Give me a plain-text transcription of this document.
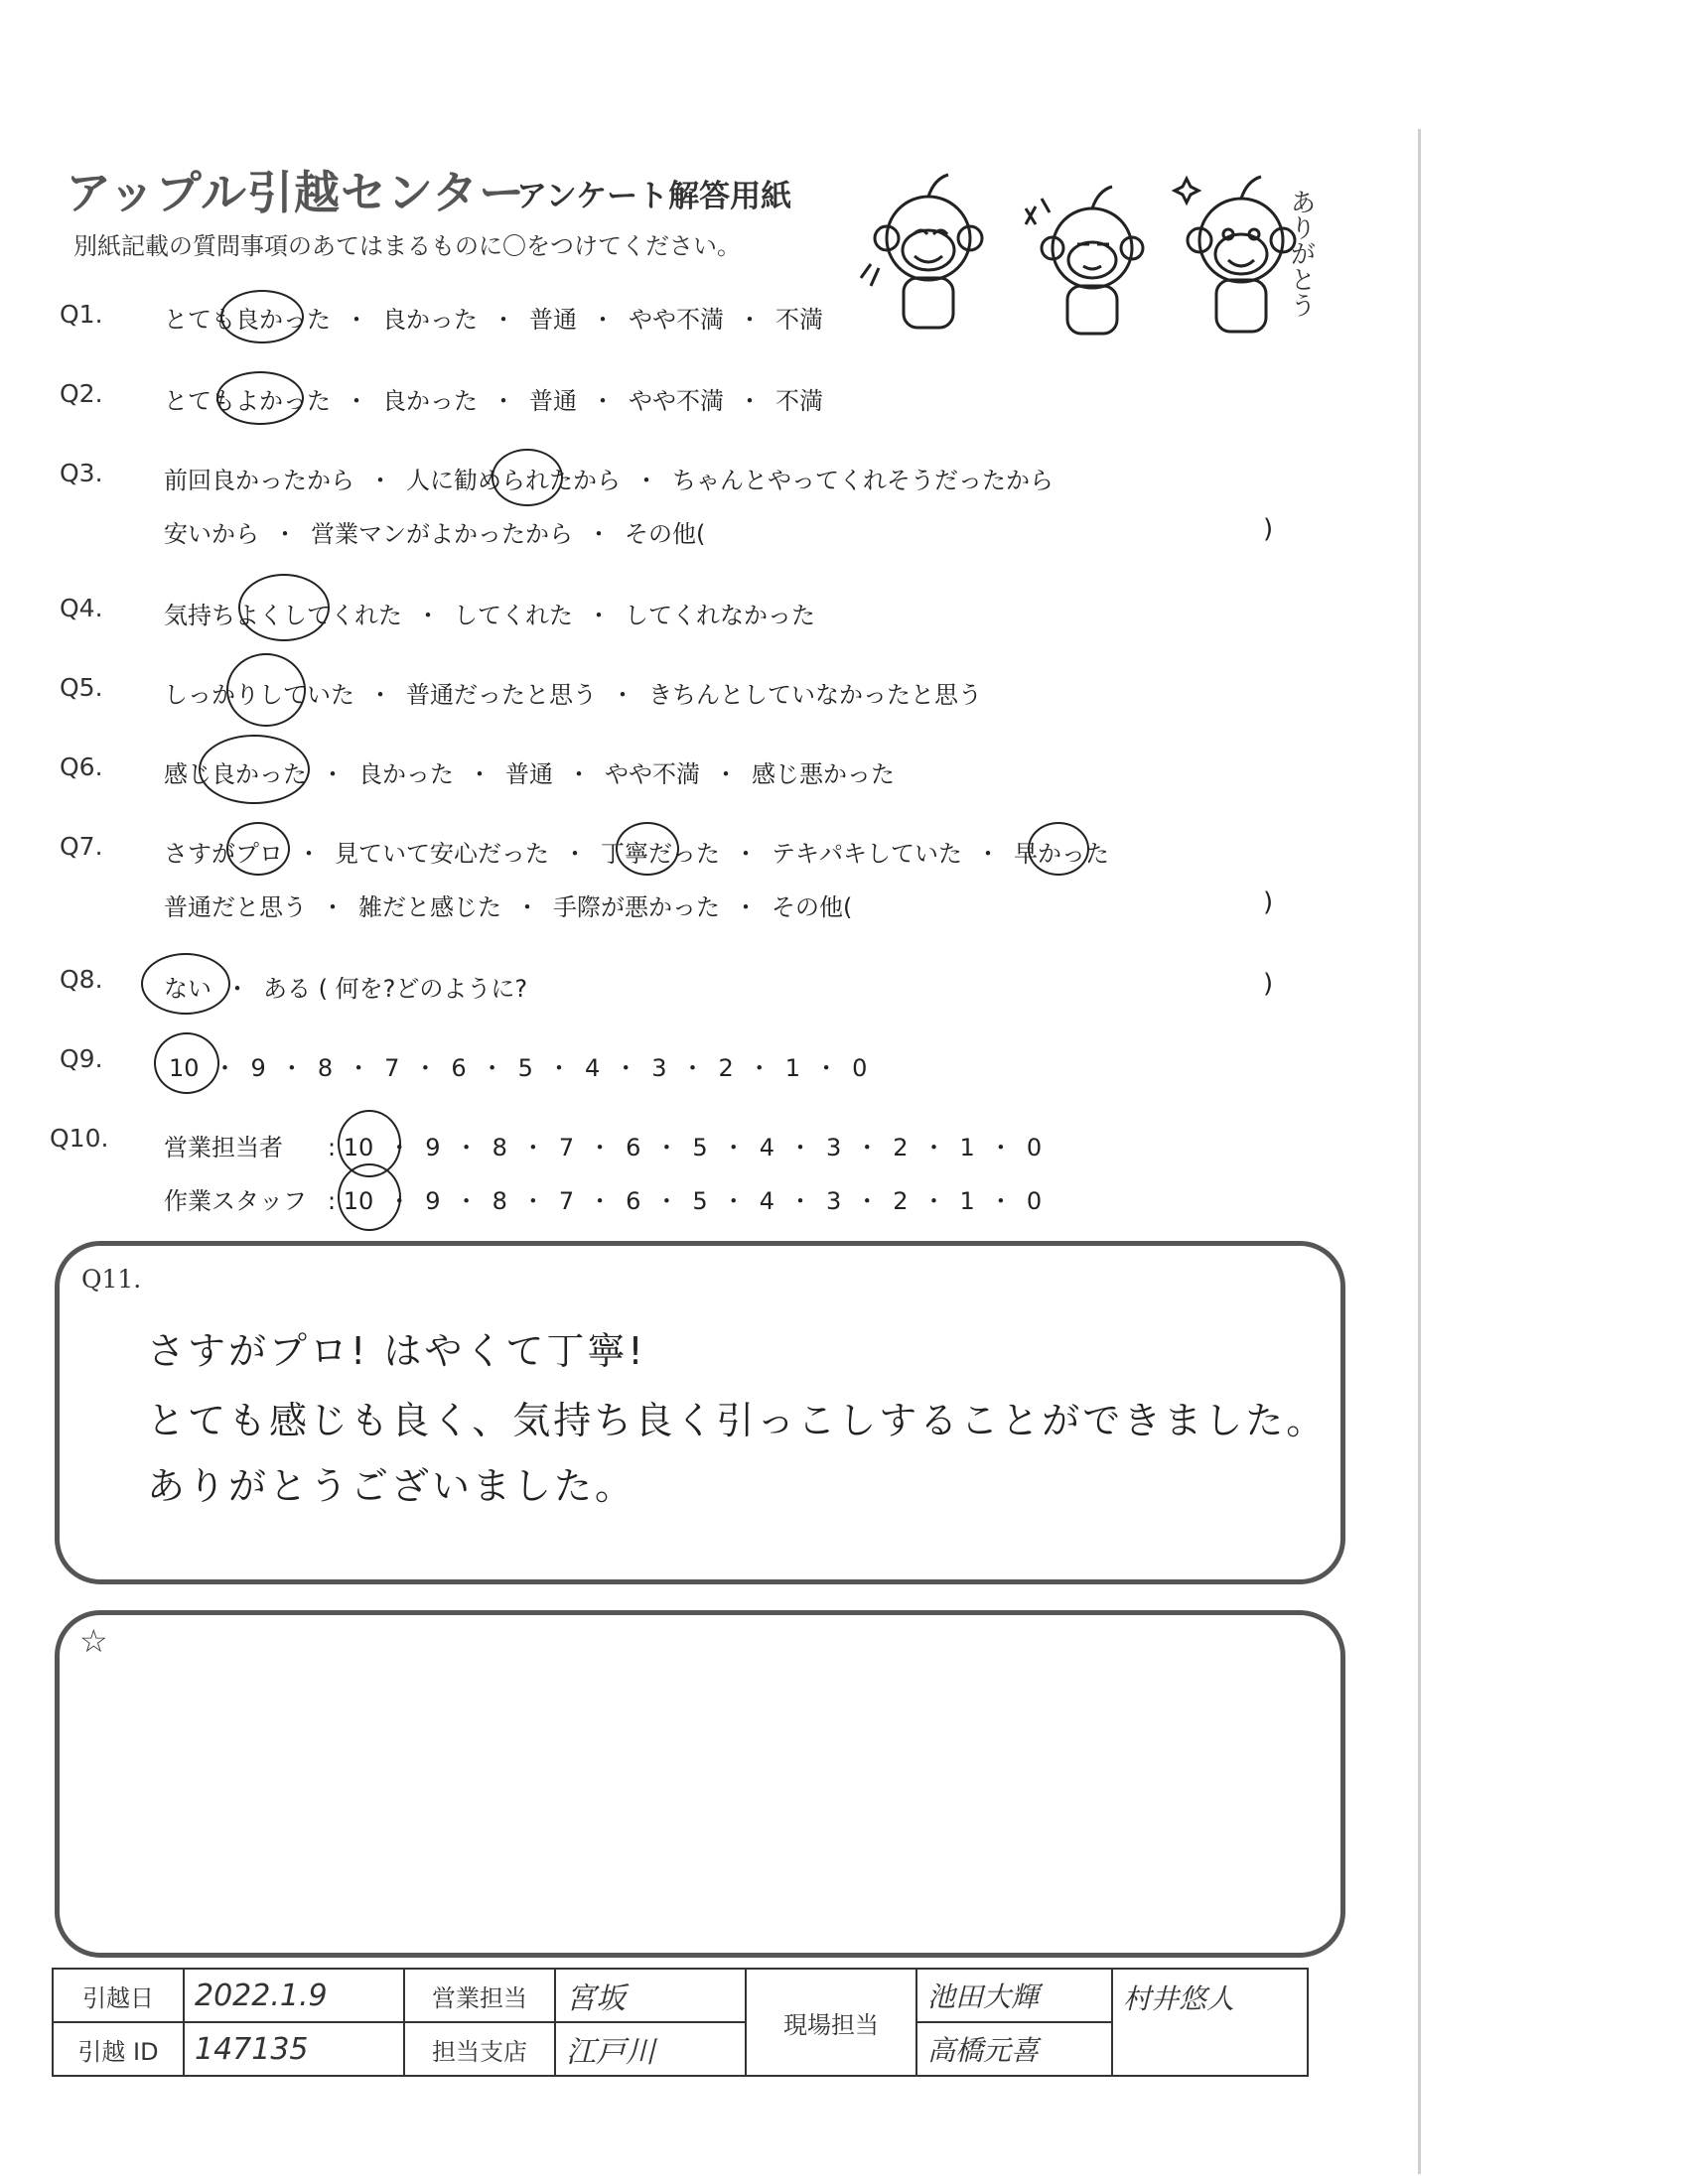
アップル引越センター
アンケート解答用紙
別紙記載の質問事項のあてはまるものに〇をつけてください。	ありがとう
Q1.	とても良かった ・ 良かった ・ 普通 ・ やや不満 ・ 不満
Q2.	とてもよかった ・ 良かった ・ 普通 ・ やや不満 ・ 不満
Q3.	前回良かったから ・ 人に勧められたから ・ ちゃんとやってくれそうだったから
安いから ・ 営業マンがよかったから ・ その他(	)
Q4.	気持ちよくしてくれた ・ してくれた ・ してくれなかった
Q5.	しっかりしていた ・ 普通だったと思う ・ きちんとしていなかったと思う
Q6.	感じ良かった ・ 良かった ・ 普通 ・ やや不満 ・ 感じ悪かった
Q7.	さすがプロ ・ 見ていて安心だった ・ 丁寧だった ・ テキパキしていた ・ 早かった
普通だと思う ・ 雑だと感じた ・ 手際が悪かった ・ その他(	)
Q8.	ない ・ ある ( 何を?どのように?	)
Q9.	10 ・ 9 ・ 8 ・ 7 ・ 6 ・ 5 ・ 4 ・ 3 ・ 2 ・ 1 ・ 0
Q10. 営業担当者 : 10 ・ 9 ・ 8 ・ 7 ・ 6 ・ 5 ・ 4 ・ 3 ・ 2 ・ 1 ・ 0
作業スタッフ : 10 ・ 9 ・ 8 ・ 7 ・ 6 ・ 5 ・ 4 ・ 3 ・ 2 ・ 1 ・ 0
Q11.
さすがプロ! はやくて丁寧!
とても感じも良く、気持ち良く引っこしすることができました。
ありがとうございました。
☆
引越日	2022.1.9	営業担当	宮坂	現場担当	池田大輝	村井悠人
引越 ID	147135	担当支店	江戸川		高橋元喜	
